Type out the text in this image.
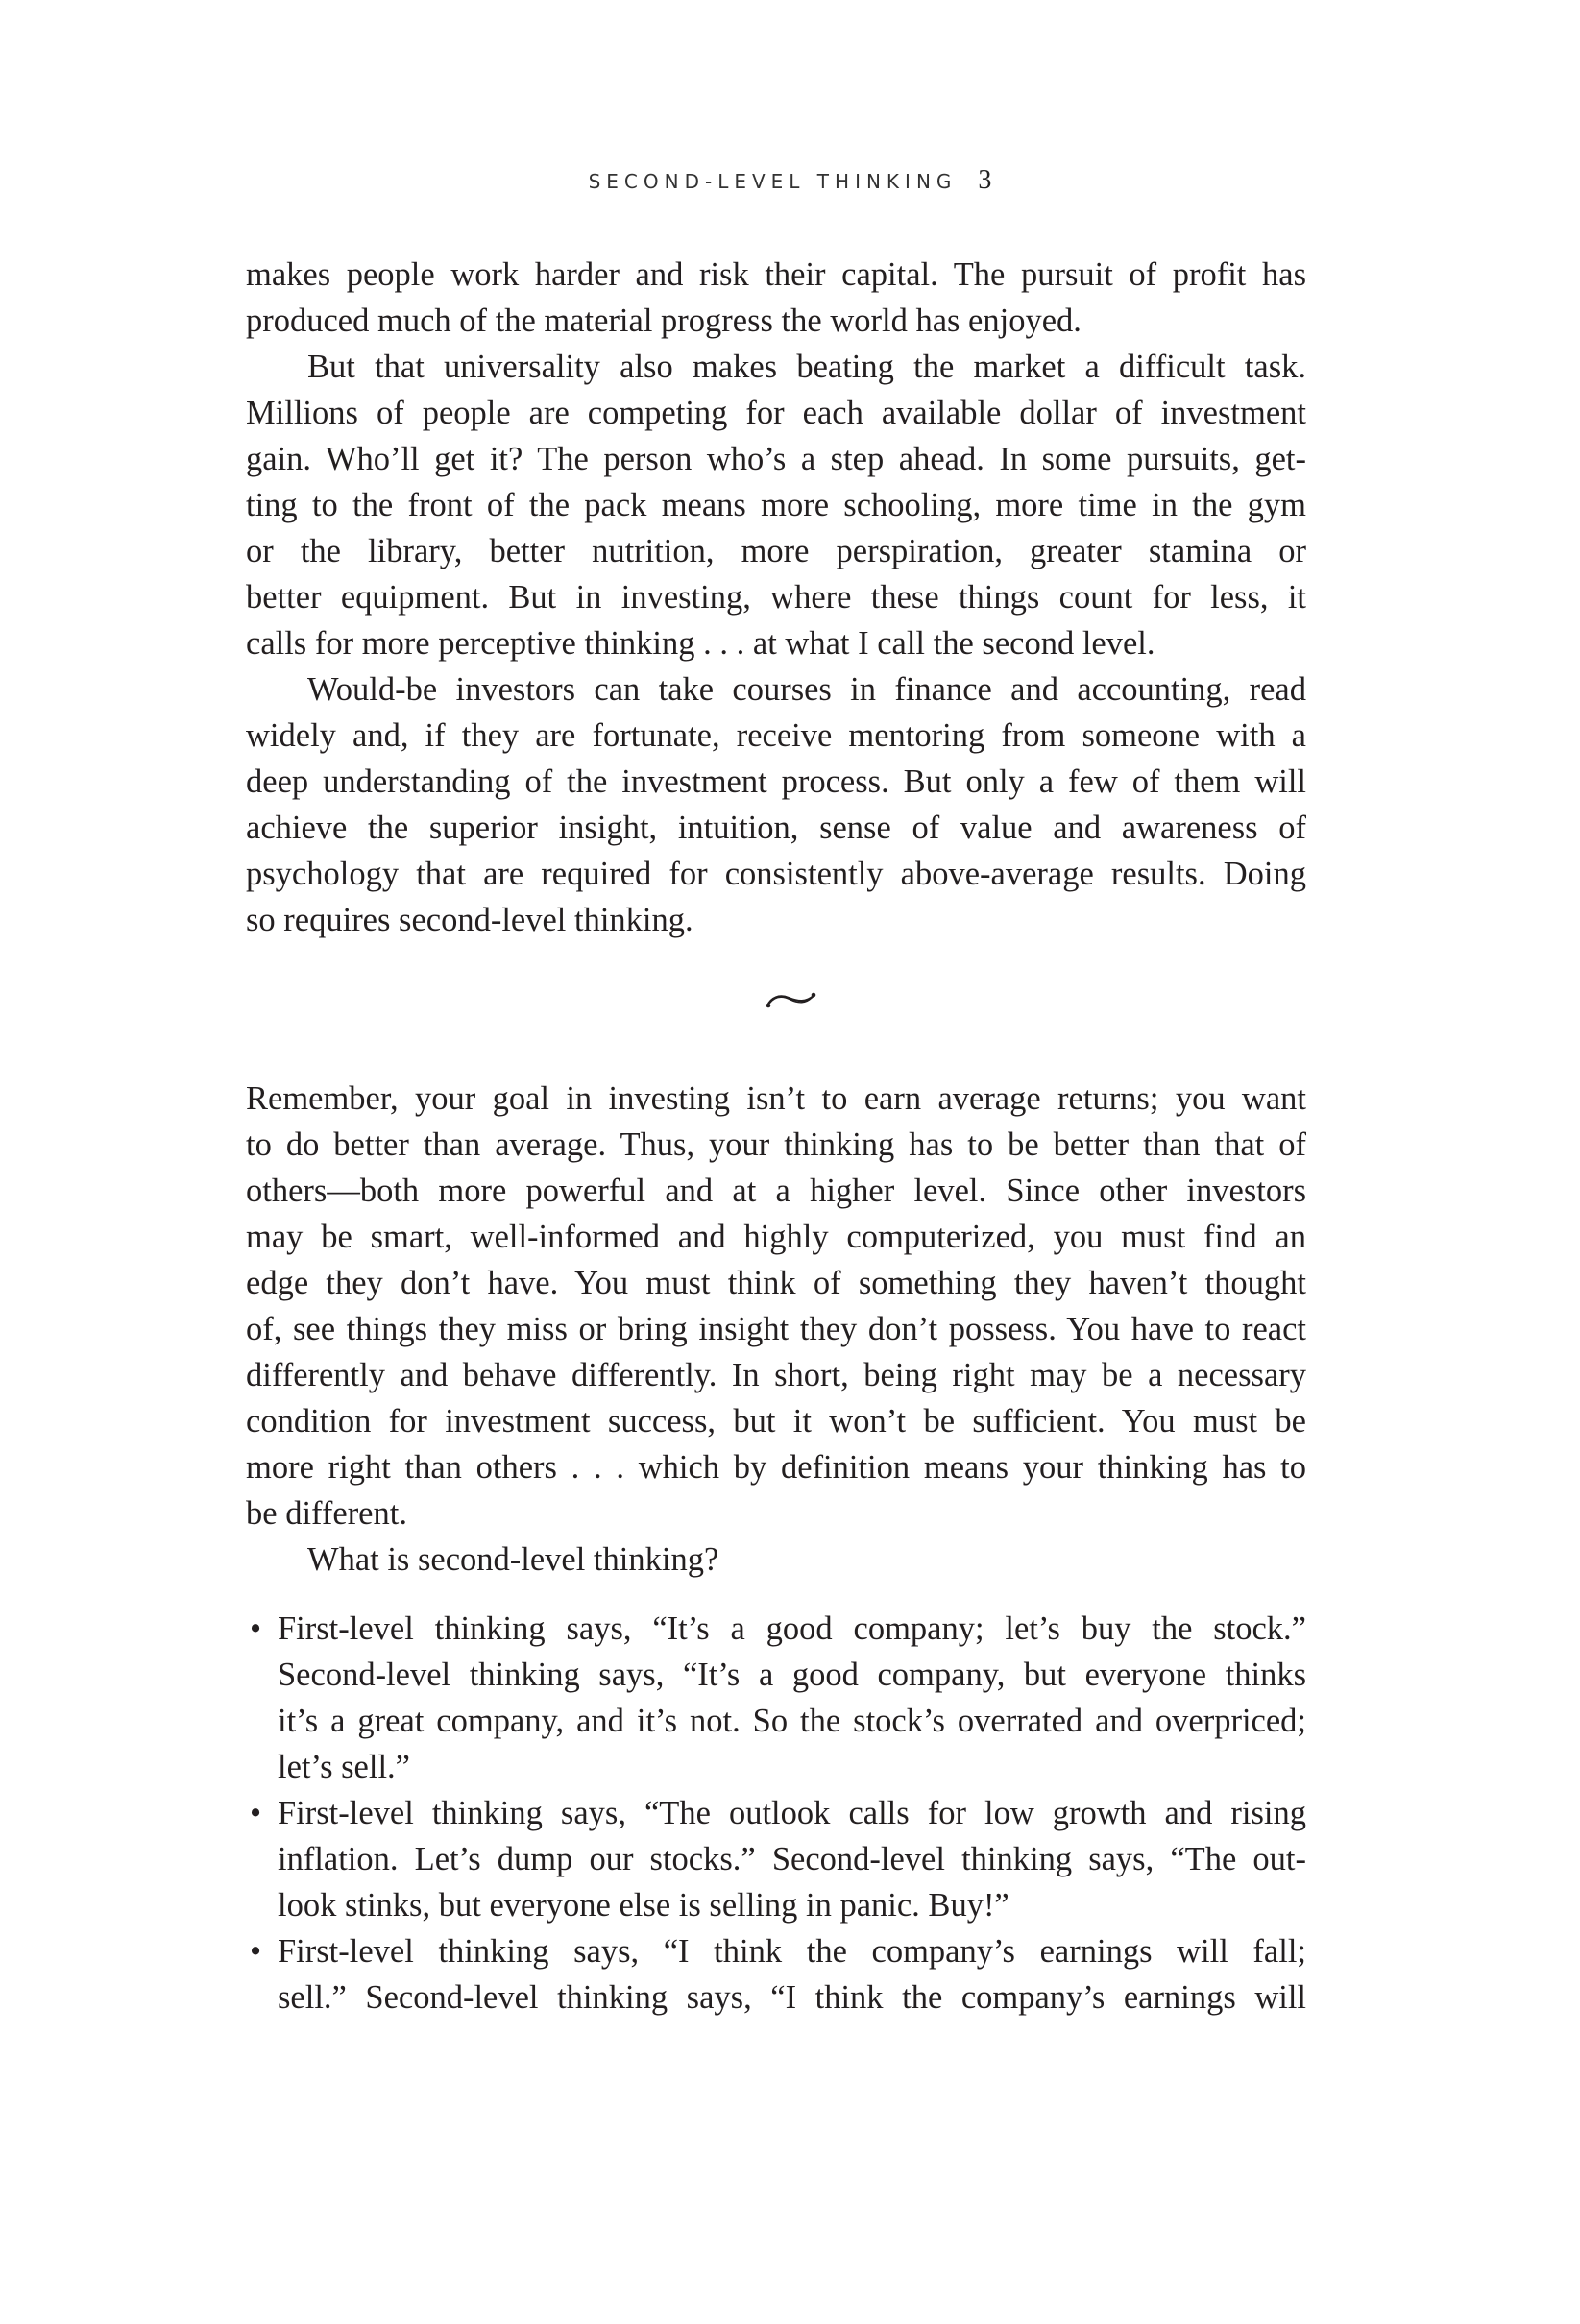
SECOND-LEVEL THINKING 3
makes people work harder and risk their capital. The pursuit of profit has
produced much of the material progress the world has enjoyed.
But that universality also makes beating the market a difficult task.
Millions of people are competing for each available dollar of investment
gain. Who’ll get it? The person who’s a step ahead. In some pursuits, get-
ting to the front of the pack means more schooling, more time in the gym
or the library, better nutrition, more perspiration, greater stamina or
better equipment. But in investing, where these things count for less, it
calls for more perceptive thinking . . . at what I call the second level.
Would-be investors can take courses in finance and accounting, read
widely and, if they are fortunate, receive mentoring from someone with a
deep understanding of the investment process. But only a few of them will
achieve the superior insight, intuition, sense of value and awareness of
psychology that are required for consistently above-average results. Doing
so requires second-level thinking.
Remember, your goal in investing isn’t to earn average returns; you want
to do better than average. Thus, your thinking has to be better than that of
others—both more powerful and at a higher level. Since other investors
may be smart, well-informed and highly computerized, you must find an
edge they don’t have. You must think of something they haven’t thought
of, see things they miss or bring insight they don’t possess. You have to react
differently and behave differently. In short, being right may be a necessary
condition for investment success, but it won’t be sufficient. You must be
more right than others . . . which by definition means your thinking has to
be different.
What is second-level thinking?
• First-level thinking says, “It’s a good company; let’s buy the stock.”
Second-level thinking says, “It’s a good company, but everyone thinks
it’s a great company, and it’s not. So the stock’s overrated and overpriced;
let’s sell.”
• First-level thinking says, “The outlook calls for low growth and rising
inflation. Let’s dump our stocks.” Second-level thinking says, “The out-
look stinks, but everyone else is selling in panic. Buy!”
• First-level thinking says, “I think the company’s earnings will fall;
sell.” Second-level thinking says, “I think the company’s earnings will
